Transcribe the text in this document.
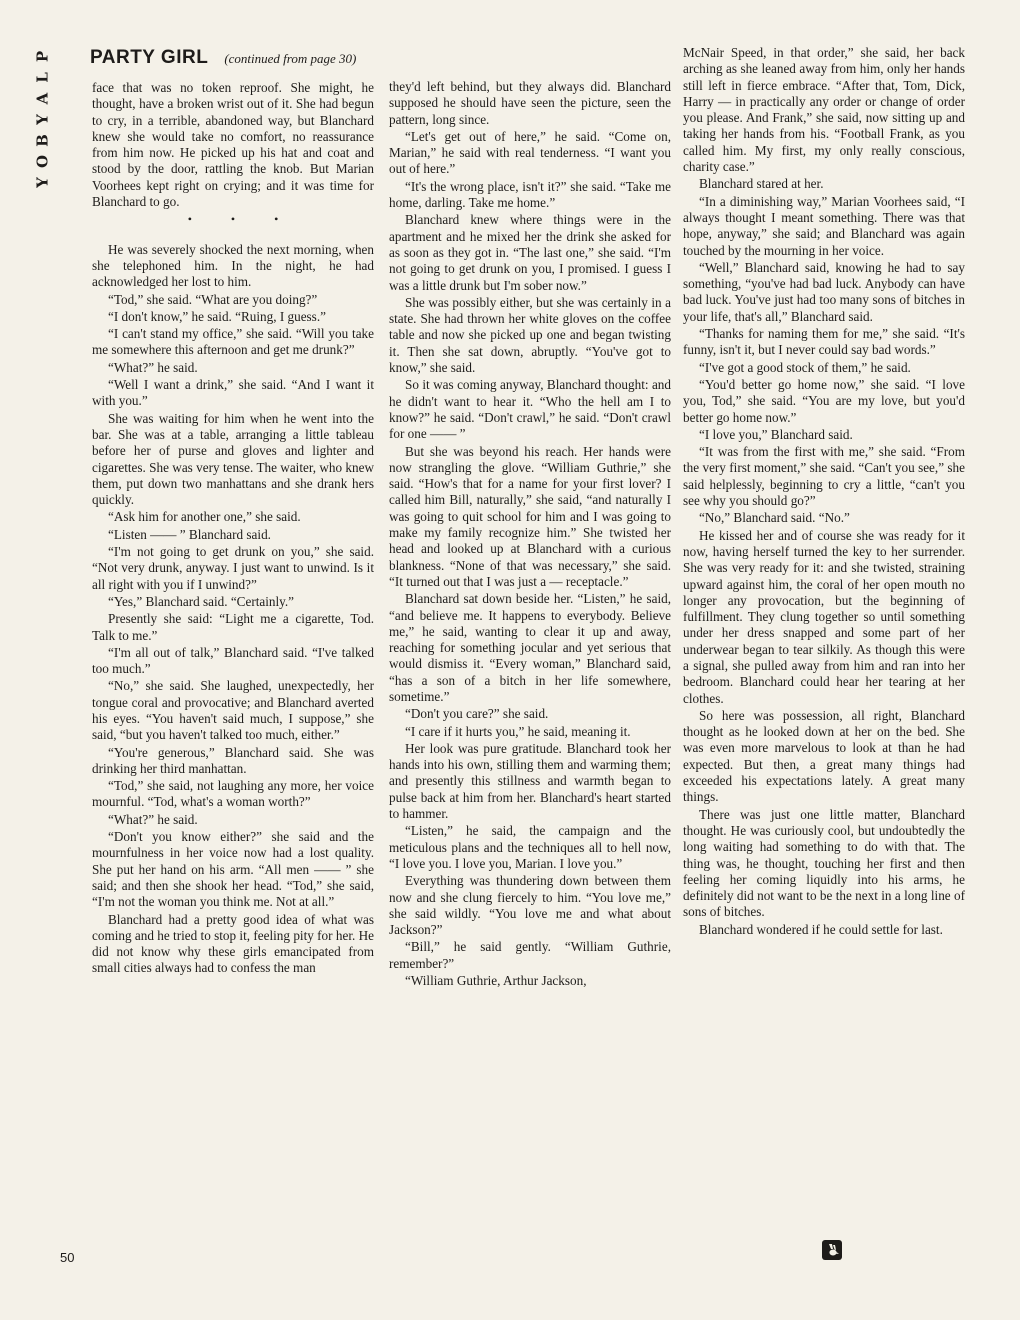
P
L
A
Y
B
O
Y
PARTY GIRL (continued from page 30)

face that was no token reproof. She might, he thought, have a broken wrist out of it. She had begun to cry, in a terrible, abandoned way, but Blanchard knew she would take no comfort, no reassurance from him now. He picked up his hat and coat and stood by the door, rattling the knob. But Marian Voorhees kept right on crying; and it was time for Blanchard to go.

• • •

He was severely shocked the next morning, when she telephoned him. In the night, he had acknowledged her lost to him.

“Tod,” she said. “What are you doing?”

“I don't know,” he said. “Ruing, I guess.”

“I can't stand my office,” she said. “Will you take me somewhere this afternoon and get me drunk?”

“What?” he said.

“Well I want a drink,” she said. “And I want it with you.”

She was waiting for him when he went into the bar. She was at a table, arranging a little tableau before her of purse and gloves and lighter and cigarettes. She was very tense. The waiter, who knew them, put down two manhattans and she drank hers quickly.

“Ask him for another one,” she said.

“Listen —— ” Blanchard said.

“I'm not going to get drunk on you,” she said. “Not very drunk, anyway. I just want to unwind. Is it all right with you if I unwind?”

“Yes,” Blanchard said. “Certainly.”

Presently she said: “Light me a cigarette, Tod. Talk to me.”

“I'm all out of talk,” Blanchard said. “I've talked too much.”

“No,” she said. She laughed, unexpectedly, her tongue coral and provocative; and Blanchard averted his eyes. “You haven't said much, I suppose,” she said, “but you haven't talked too much, either.”

“You're generous,” Blanchard said. She was drinking her third manhattan.

“Tod,” she said, not laughing any more, her voice mournful. “Tod, what's a woman worth?”

“What?” he said.

“Don't you know either?” she said and the mournfulness in her voice now had a lost quality. She put her hand on his arm. “All men —— ” she said; and then she shook her head. “Tod,” she said, “I'm not the woman you think me. Not at all.”

Blanchard had a pretty good idea of what was coming and he tried to stop it, feeling pity for her. He did not know why these girls emancipated from small cities always had to confess the man

they'd left behind, but they always did. Blanchard supposed he should have seen the picture, seen the pattern, long since.

“Let's get out of here,” he said. “Come on, Marian,” he said with real tenderness. “I want you out of here.”

“It's the wrong place, isn't it?” she said. “Take me home, darling. Take me home.”

Blanchard knew where things were in the apartment and he mixed her the drink she asked for as soon as they got in. “The last one,” she said. “I'm not going to get drunk on you, I promised. I guess I was a little drunk but I'm sober now.”

She was possibly either, but she was certainly in a state. She had thrown her white gloves on the coffee table and now she picked up one and began twisting it. Then she sat down, abruptly. “You've got to know,” she said.

So it was coming anyway, Blanchard thought: and he didn't want to hear it. “Who the hell am I to know?” he said. “Don't crawl,” he said. “Don't crawl for one —— ”

But she was beyond his reach. Her hands were now strangling the glove. “William Guthrie,” she said. “How's that for a name for your first lover? I called him Bill, naturally,” she said, “and naturally I was going to quit school for him and I was going to make my family recognize him.” She twisted her head and looked up at Blanchard with a curious blankness. “None of that was necessary,” she said. “It turned out that I was just a — receptacle.”

Blanchard sat down beside her. “Listen,” he said, “and believe me. It happens to everybody. Believe me,” he said, wanting to clear it up and away, reaching for something jocular and yet serious that would dismiss it. “Every woman,” Blanchard said, “has a son of a bitch in her life somewhere, sometime.”

“Don't you care?” she said.

“I care if it hurts you,” he said, meaning it.

Her look was pure gratitude. Blanchard took her hands into his own, stilling them and warming them; and presently this stillness and warmth began to pulse back at him from her. Blanchard's heart started to hammer.

“Listen,” he said, the campaign and the meticulous plans and the techniques all to hell now, “I love you. I love you, Marian. I love you.”

Everything was thundering down between them now and she clung fiercely to him. “You love me,” she said wildly. “You love me and what about Jackson?”

“Bill,” he said gently. “William Guthrie, remember?”

“William Guthrie, Arthur Jackson,

McNair Speed, in that order,” she said, her back arching as she leaned away from him, only her hands still left in fierce embrace. “After that, Tom, Dick, Harry — in practically any order or change of order you please. And Frank,” she said, now sitting up and taking her hands from his. “Football Frank, as you called him. My first, my only really conscious, charity case.”

Blanchard stared at her.

“In a diminishing way,” Marian Voorhees said, “I always thought I meant something. There was that hope, anyway,” she said; and Blanchard was again touched by the mourning in her voice.

“Well,” Blanchard said, knowing he had to say something, “you've had bad luck. Anybody can have bad luck. You've just had too many sons of bitches in your life, that's all,” Blanchard said.

“Thanks for naming them for me,” she said. “It's funny, isn't it, but I never could say bad words.”

“I've got a good stock of them,” he said.

“You'd better go home now,” she said. “I love you, Tod,” she said. “You are my love, but you'd better go home now.”

“I love you,” Blanchard said.

“It was from the first with me,” she said. “From the very first moment,” she said. “Can't you see,” she said helplessly, beginning to cry a little, “can't you see why you should go?”

“No,” Blanchard said. “No.”

He kissed her and of course she was ready for it now, having herself turned the key to her surrender. She was very ready for it: and she twisted, straining upward against him, the coral of her open mouth no longer any provocation, but the beginning of fulfillment. They clung together so until something under her dress snapped and some part of her underwear began to tear silkily. As though this were a signal, she pulled away from him and ran into her bedroom. Blanchard could hear her tearing at her clothes.

So here was possession, all right, Blanchard thought as he looked down at her on the bed. She was even more marvelous to look at than he had expected. But then, a great many things had exceeded his expectations lately. A great many things.

There was just one little matter, Blanchard thought. He was curiously cool, but undoubtedly the long waiting had something to do with that. The thing was, he thought, touching her first and then feeling her coming liquidly into his arms, he definitely did not want to be the next in a long line of sons of bitches.

Blanchard wondered if he could settle for last.

50
